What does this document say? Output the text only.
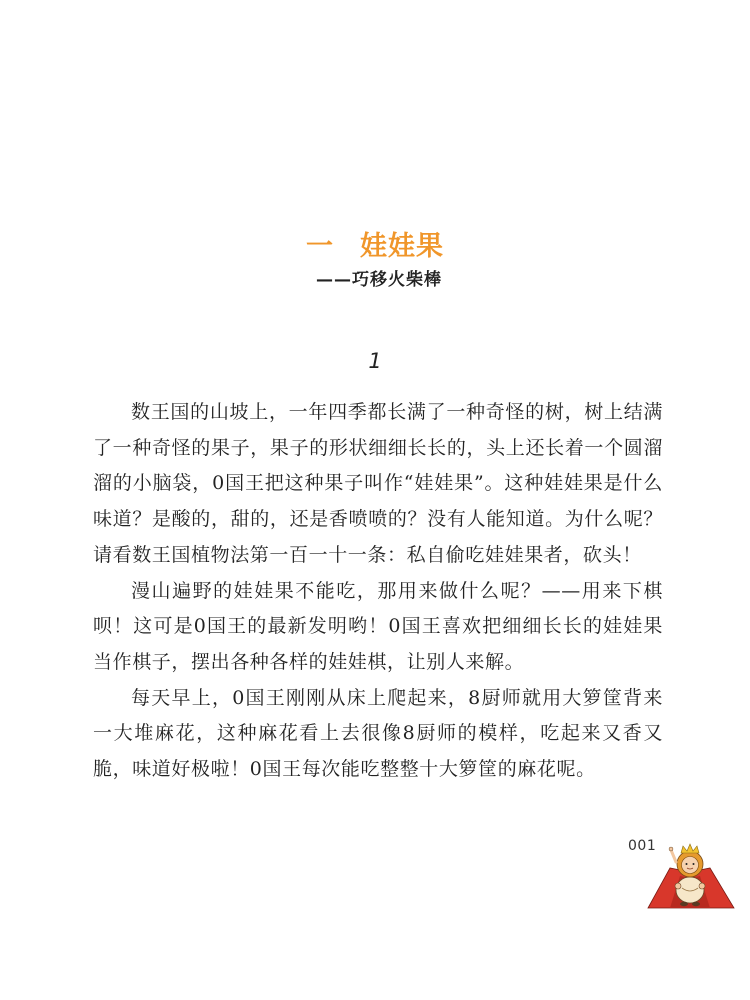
一 娃娃果
——巧移火柴棒
1

数王国的山坡上，一年四季都长满了一种奇怪的树，树上结满了一种奇怪的果子，果子的形状细细长长的，头上还长着一个圆溜溜的小脑袋，0国王把这种果子叫作“娃娃果”。这种娃娃果是什么味道？是酸的，甜的，还是香喷喷的？没有人能知道。为什么呢？请看数王国植物法第一百一十一条：私自偷吃娃娃果者，砍头！

漫山遍野的娃娃果不能吃，那用来做什么呢？——用来下棋呗！这可是0国王的最新发明哟！0国王喜欢把细细长长的娃娃果当作棋子，摆出各种各样的娃娃棋，让别人来解。

每天早上，0国王刚刚从床上爬起来，8厨师就用大箩筐背来一大堆麻花，这种麻花看上去很像8厨师的模样，吃起来又香又脆，味道好极啦！0国王每次能吃整整十大箩筐的麻花呢。

001
